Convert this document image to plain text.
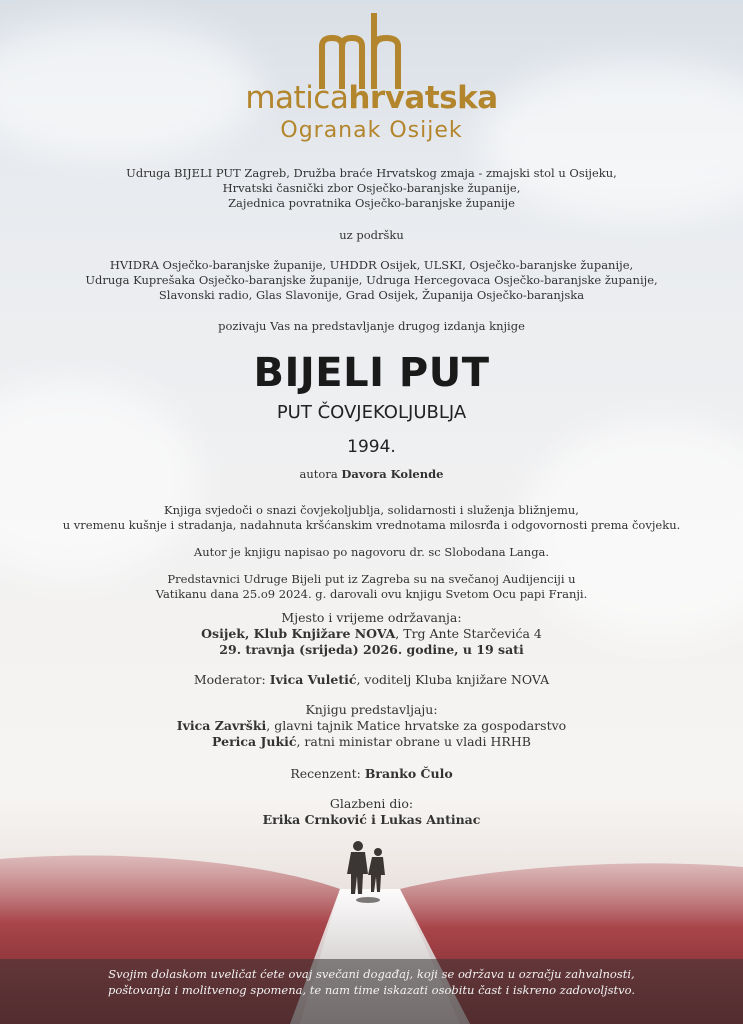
maticahrvatska
Ogranak Osijek
Udruga BIJELI PUT Zagreb, Družba braće Hrvatskog zmaja - zmajski stol u Osijeku,
Hrvatski časnički zbor Osječko-baranjske županije,
Zajednica povratnika Osječko-baranjske županije
uz podršku
HVIDRA Osječko-baranjske županije, UHDDR Osijek, ULSKI, Osječko-baranjske županije,
Udruga Kuprešaka Osječko-baranjske županije, Udruga Hercegovaca Osječko-baranjske županije,
Slavonski radio, Glas Slavonije, Grad Osijek, Županija Osječko-baranjska
pozivaju Vas na predstavljanje drugog izdanja knjige
BIJELI PUT
PUT ČOVJEKOLJUBLJA
1994.
autora Davora Kolende
Knjiga svjedoči o snazi čovjekoljublja, solidarnosti i služenja bližnjemu,
u vremenu kušnje i stradanja, nadahnuta kršćanskim vrednotama milosrđa i odgovornosti prema čovjeku.
Autor je knjigu napisao po nagovoru dr. sc Slobodana Langa.
Predstavnici Udruge Bijeli put iz Zagreba su na svečanoj Audijenciji u
Vatikanu dana 25.o9 2024. g. darovali ovu knjigu Svetom Ocu papi Franji.
Mjesto i vrijeme održavanja:
Osijek, Klub Knjižare NOVA, Trg Ante Starčevića 4
29. travnja (srijeda) 2026. godine, u 19 sati
Moderator: Ivica Vuletić, voditelj Kluba knjižare NOVA
Knjigu predstavljaju:
Ivica Završki, glavni tajnik Matice hrvatske za gospodarstvo
Perica Jukić, ratni ministar obrane u vladi HRHB
Recenzent: Branko Čulo
Glazbeni dio:
Erika Crnković i Lukas Antinac
Svojim dolaskom uveličat ćete ovaj svečani događaj, koji se održava u ozračju zahvalnosti,
poštovanja i molitvenog spomena, te nam time iskazati osobitu čast i iskreno zadovoljstvo.
